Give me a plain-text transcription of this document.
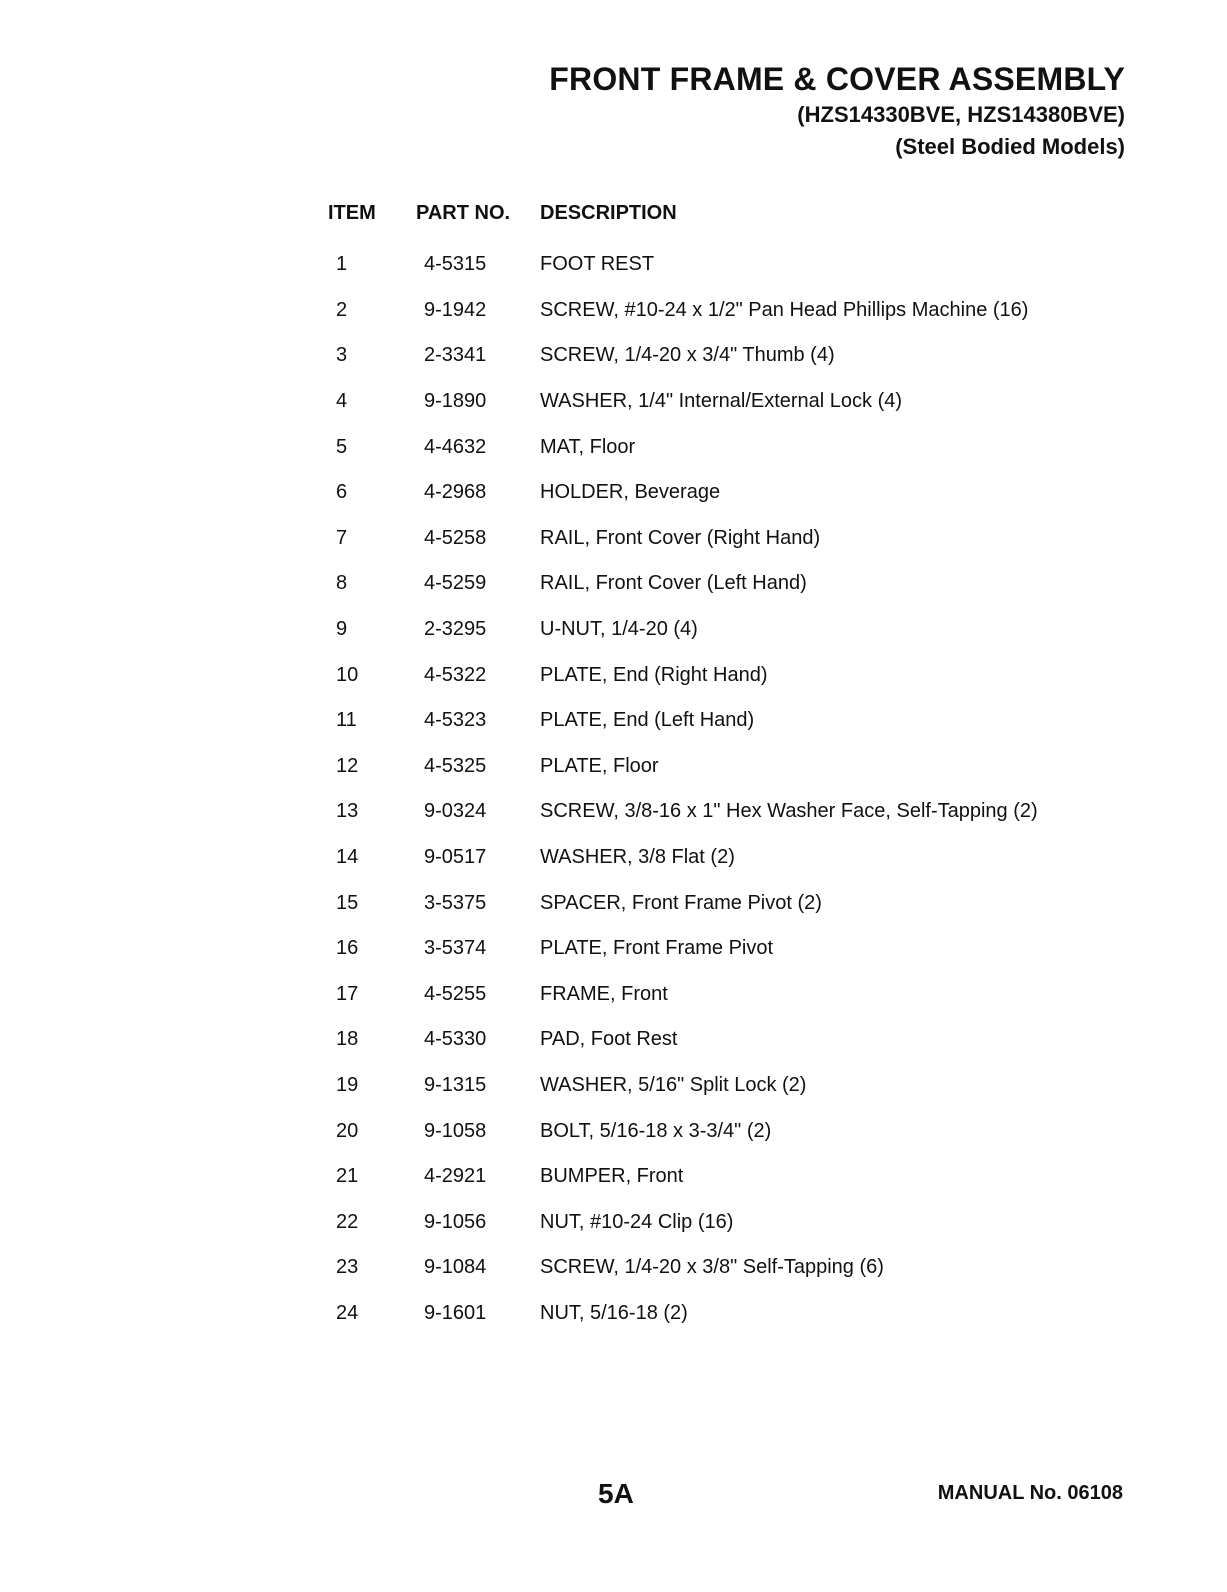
FRONT FRAME & COVER ASSEMBLY
(HZS14330BVE, HZS14380BVE)
(Steel Bodied Models)
ITEM	PART NO.	DESCRIPTION
1	4-5315	FOOT REST
2	9-1942	SCREW, #10-24 x 1/2" Pan Head Phillips Machine (16)
3	2-3341	SCREW, 1/4-20 x 3/4" Thumb (4)
4	9-1890	WASHER, 1/4" Internal/External Lock (4)
5	4-4632	MAT, Floor
6	4-2968	HOLDER, Beverage
7	4-5258	RAIL, Front Cover (Right Hand)
8	4-5259	RAIL, Front Cover (Left Hand)
9	2-3295	U-NUT, 1/4-20 (4)
10	4-5322	PLATE, End (Right Hand)
11	4-5323	PLATE, End (Left Hand)
12	4-5325	PLATE, Floor
13	9-0324	SCREW, 3/8-16 x 1" Hex Washer Face, Self-Tapping (2)
14	9-0517	WASHER, 3/8 Flat (2)
15	3-5375	SPACER, Front Frame Pivot (2)
16	3-5374	PLATE, Front Frame Pivot
17	4-5255	FRAME, Front
18	4-5330	PAD, Foot Rest
19	9-1315	WASHER, 5/16" Split Lock (2)
20	9-1058	BOLT, 5/16-18 x 3-3/4" (2)
21	4-2921	BUMPER, Front
22	9-1056	NUT, #10-24 Clip (16)
23	9-1084	SCREW, 1/4-20 x 3/8" Self-Tapping (6)
24	9-1601	NUT, 5/16-18 (2)
5A	MANUAL No. 06108
